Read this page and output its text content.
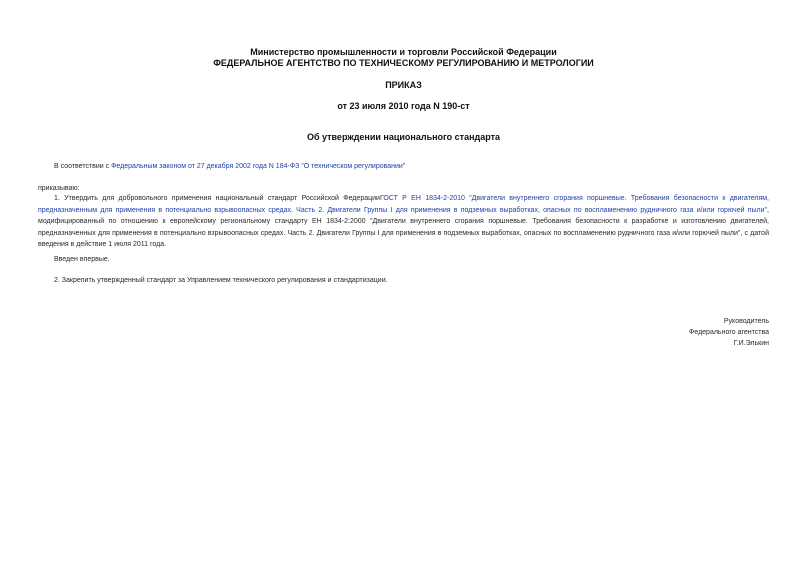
Министерство промышленности и торговли Российской Федерации
ФЕДЕРАЛЬНОЕ АГЕНТСТВО ПО ТЕХНИЧЕСКОМУ РЕГУЛИРОВАНИЮ И МЕТРОЛОГИИ
ПРИКАЗ
от 23 июля 2010 года N 190-ст
Об утверждении национального стандарта
В соответствии с Федеральным законом от 27 декабря 2002 года N 184-ФЗ "О техническом регулировании"
приказываю:
1. Утвердить для добровольного применения национальный стандарт Российской ФедерацииГОСТ Р ЕН 1834-2-2010 "Двигатели внутреннего сгорания поршневые. Требования безопасности к двигателям, предназначенным для применения в потенциально взрывоопасных средах. Часть 2. Двигатели Группы I для применения в подземных выработках, опасных по воспламенению рудничного газа и/или горючей пыли", модифицированный по отношению к европейскому региональному стандарту ЕН 1834-2:2000 "Двигатели внутреннего сгорания поршневые. Требования безопасности к разработке и изготовлению двигателей, предназначенных для применения в потенциально взрывоопасных средах. Часть 2. Двигатели Группы I для применения в подземных выработках, опасных по воспламенению рудничного газа и/или горючей пыли", с датой введения в действие 1 июля 2011 года.
Введен впервые.
2. Закрепить утвержденный стандарт за Управлением технического регулирования и стандартизации.
Руководитель
Федерального агентства
Г.И.Элькин
